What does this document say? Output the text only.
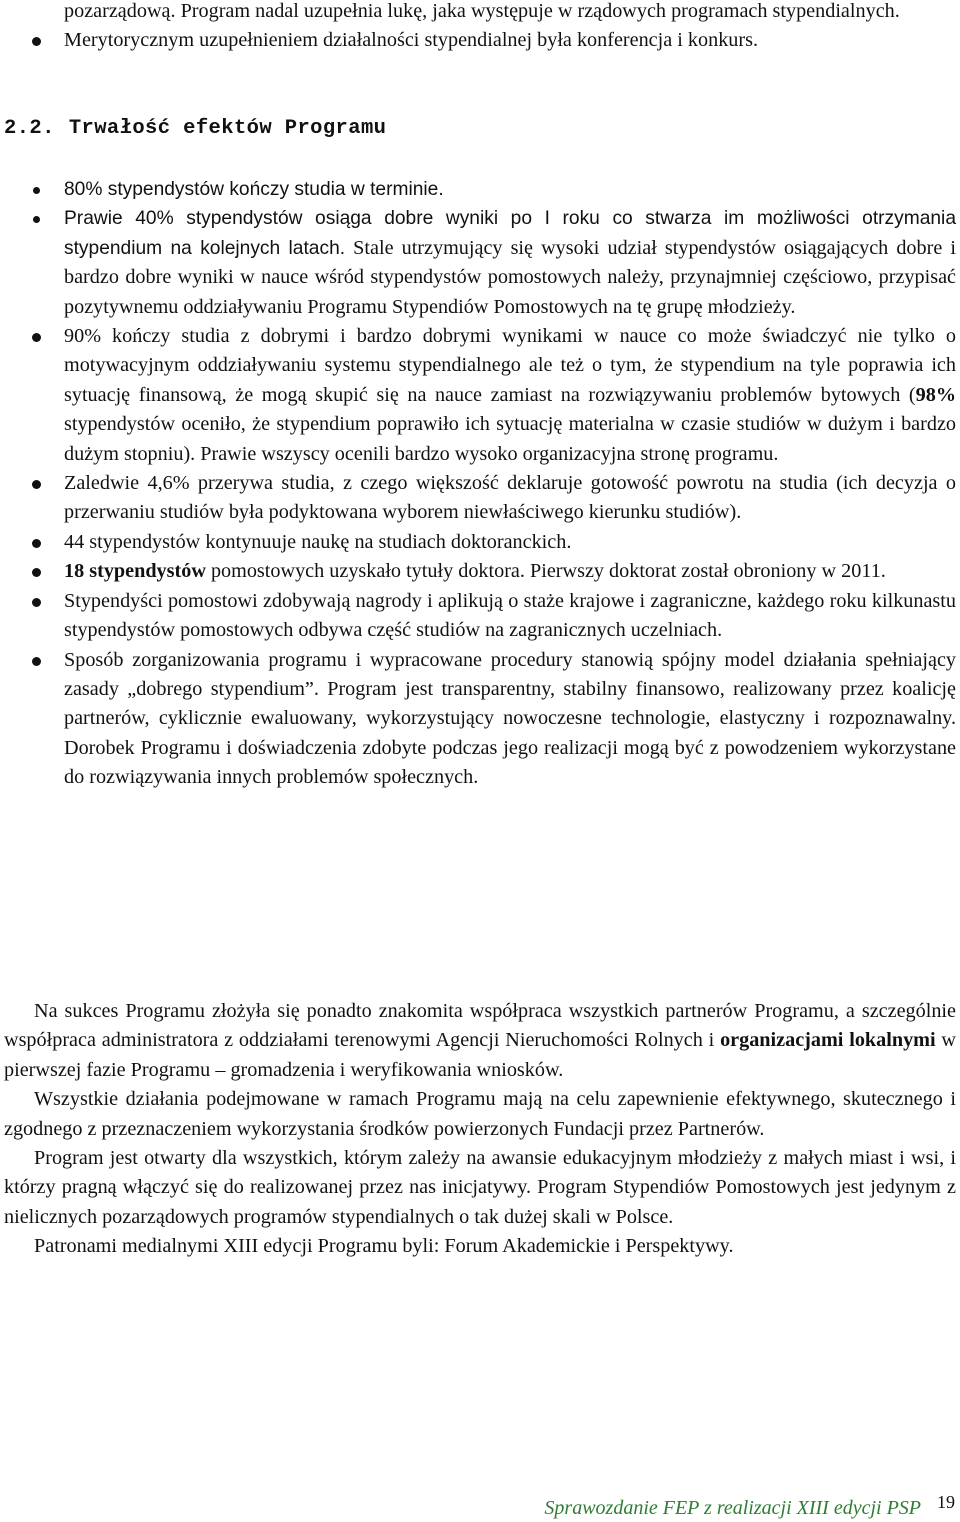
pozarządową. Program nadal uzupełnia lukę, jaka występuje w rządowych programach stypendialnych.

Merytorycznym uzupełnieniem działalności stypendialnej była konferencja i konkurs.
2.2. Trwałość efektów Programu
80% stypendystów kończy studia w terminie.
Prawie 40% stypendystów osiąga dobre wyniki po I roku co stwarza im możliwości otrzymania stypendium na kolejnych latach. Stale utrzymujący się wysoki udział stypendystów osiągających dobre i bardzo dobre wyniki w nauce wśród stypendystów pomostowych należy, przynajmniej częściowo, przypisać pozytywnemu oddziaływaniu Programu Stypendiów Pomostowych na tę grupę młodzieży.
90% kończy studia z dobrymi i bardzo dobrymi wynikami w nauce co może świadczyć nie tylko o motywacyjnym oddziaływaniu systemu stypendialnego ale też o tym, że stypendium na tyle poprawia ich sytuację finansową, że mogą skupić się na nauce zamiast na rozwiązywaniu problemów bytowych (98% stypendystów oceniło, że stypendium poprawiło ich sytuację materialna w czasie studiów w dużym i bardzo dużym stopniu). Prawie wszyscy ocenili bardzo wysoko organizacyjna stronę programu.
Zaledwie 4,6% przerywa studia, z czego większość deklaruje gotowość powrotu na studia (ich decyzja o przerwaniu studiów była podyktowana wyborem niewłaściwego kierunku studiów).
44 stypendystów kontynuuje naukę na studiach doktoranckich.
18 stypendystów pomostowych uzyskało tytuły doktora. Pierwszy doktorat został obroniony w 2011.
Stypendyści pomostowi zdobywają nagrody i aplikują o staże krajowe i zagraniczne, każdego roku kilkunastu stypendystów pomostowych odbywa część studiów na zagranicznych uczelniach.
Sposób zorganizowania programu i wypracowane procedury stanowią spójny model działania spełniający zasady „dobrego stypendium”. Program jest transparentny, stabilny finansowo, realizowany przez koalicję partnerów, cyklicznie ewaluowany, wykorzystujący nowoczesne technologie, elastyczny i rozpoznawalny. Dorobek Programu i doświadczenia zdobyte podczas jego realizacji mogą być z powodzeniem wykorzystane do rozwiązywania innych problemów społecznych.

Na sukces Programu złożyła się ponadto znakomita współpraca wszystkich partnerów Programu, a szczególnie współpraca administratora z oddziałami terenowymi Agencji Nieruchomości Rolnych i organizacjami lokalnymi w pierwszej fazie Programu – gromadzenia i weryfikowania wniosków.

Wszystkie działania podejmowane w ramach Programu mają na celu zapewnienie efektywnego, skutecznego i zgodnego z przeznaczeniem wykorzystania środków powierzonych Fundacji przez Partnerów.

Program jest otwarty dla wszystkich, którym zależy na awansie edukacyjnym młodzieży z małych miast i wsi, i którzy pragną włączyć się do realizowanej przez nas inicjatywy. Program Stypendiów Pomostowych jest jedynym z nielicznych pozarządowych programów stypendialnych o tak dużej skali w Polsce.

Patronami medialnymi XIII edycji Programu byli: Forum Akademickie i Perspektywy.

Sprawozdanie FEP z realizacji XIII edycji PSP 19
